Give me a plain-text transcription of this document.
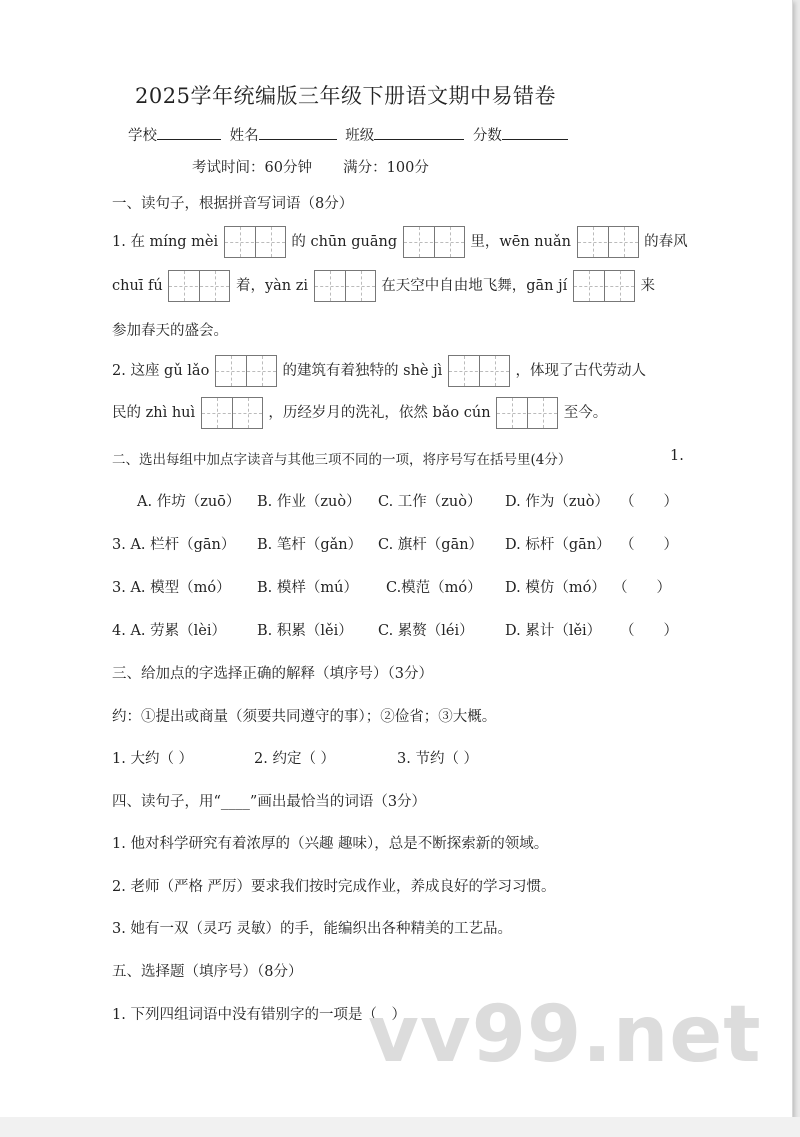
2025学年统编版三年级下册语文期中易错卷
学校	姓名	班级	分数
考试时间：60分钟 满分：100分
一、读句子，根据拼音写词语（8分）
1. 在 míng mèi	的 chūn guāng	里，wēn nuǎn	的春风
chuī fú	着，yàn zi	在天空中自由地飞舞，gān jí	来
参加春天的盛会。
2. 这座 gǔ lǎo	的建筑有着独特的 shè jì	，体现了古代劳动人
民的 zhì huì	，历经岁月的洗礼，依然 bǎo cún	至今。
二、选出每组中加点字读音与其他三项不同的一项，将序号写在括号里(4分）	1.
A. 作坊（zuō） B. 作业（zuò） C. 工作（zuò） D. 作为（zuò） （　　）
3. A. 栏杆（gān） B. 笔杆（gǎn） C. 旗杆（gān） D. 标杆（gān） （　　）
3. A. 模型（mó） B. 模样（mú） C.模范（mó） D. 模仿（mó） （　　）
4. A. 劳累（lèi） B. 积累（lěi） C. 累赘（léi） D. 累计（lěi） （　　）
三、给加点的字选择正确的解释（填序号）（3分）
约：①提出或商量（须要共同遵守的事）；②俭省；③大概。
1. 大约（ ）	2. 约定（ ）	3. 节约（ ）
四、读句子，用“____”画出最恰当的词语（3分）
1. 他对科学研究有着浓厚的（兴趣 趣味），总是不断探索新的领域。
2. 老师（严格 严厉）要求我们按时完成作业，养成良好的学习习惯。
3. 她有一双（灵巧 灵敏）的手，能编织出各种精美的工艺品。
五、选择题（填序号）（8分）
1. 下列四组词语中没有错别字的一项是（　）
vv99.net
